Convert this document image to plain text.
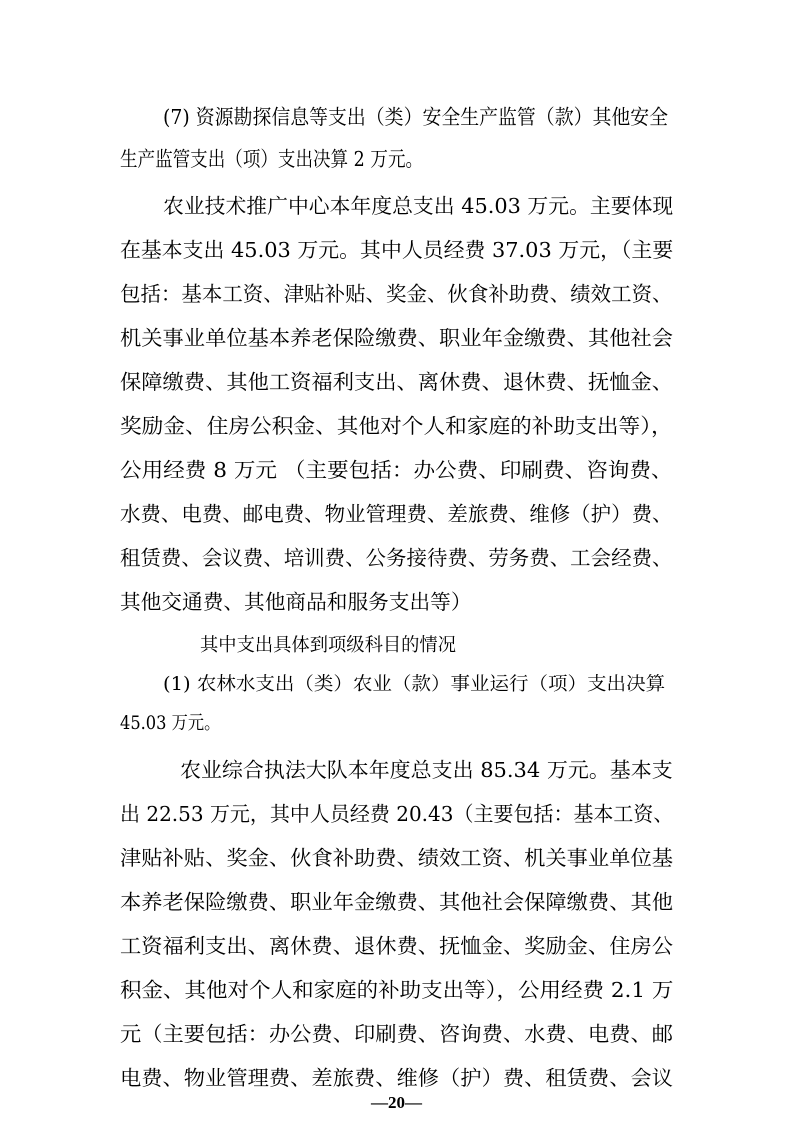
(7) 资源勘探信息等支出（类）安全生产监管（款）其他安全
生产监管支出（项）支出决算 2 万元。
农业技术推广中心本年度总支出 45.03 万元。主要体现
在基本支出 45.03 万元。其中人员经费 37.03 万元，（主要
包括：基本工资、津贴补贴、奖金、伙食补助费、绩效工资、
机关事业单位基本养老保险缴费、职业年金缴费、其他社会
保障缴费、其他工资福利支出、离休费、退休费、抚恤金、
奖励金、住房公积金、其他对个人和家庭的补助支出等），
公用经费 8 万元 （主要包括：办公费、印刷费、咨询费、
水费、电费、邮电费、物业管理费、差旅费、维修（护）费、
租赁费、会议费、培训费、公务接待费、劳务费、工会经费、
其他交通费、其他商品和服务支出等）
其中支出具体到项级科目的情况
(1) 农林水支出（类）农业（款）事业运行（项）支出决算
45.03 万元。
农业综合执法大队本年度总支出 85.34 万元。基本支
出 22.53 万元，其中人员经费 20.43（主要包括：基本工资、
津贴补贴、奖金、伙食补助费、绩效工资、机关事业单位基
本养老保险缴费、职业年金缴费、其他社会保障缴费、其他
工资福利支出、离休费、退休费、抚恤金、奖励金、住房公
积金、其他对个人和家庭的补助支出等），公用经费 2.1 万
元（主要包括：办公费、印刷费、咨询费、水费、电费、邮
电费、物业管理费、差旅费、维修（护）费、租赁费、会议
—20—
